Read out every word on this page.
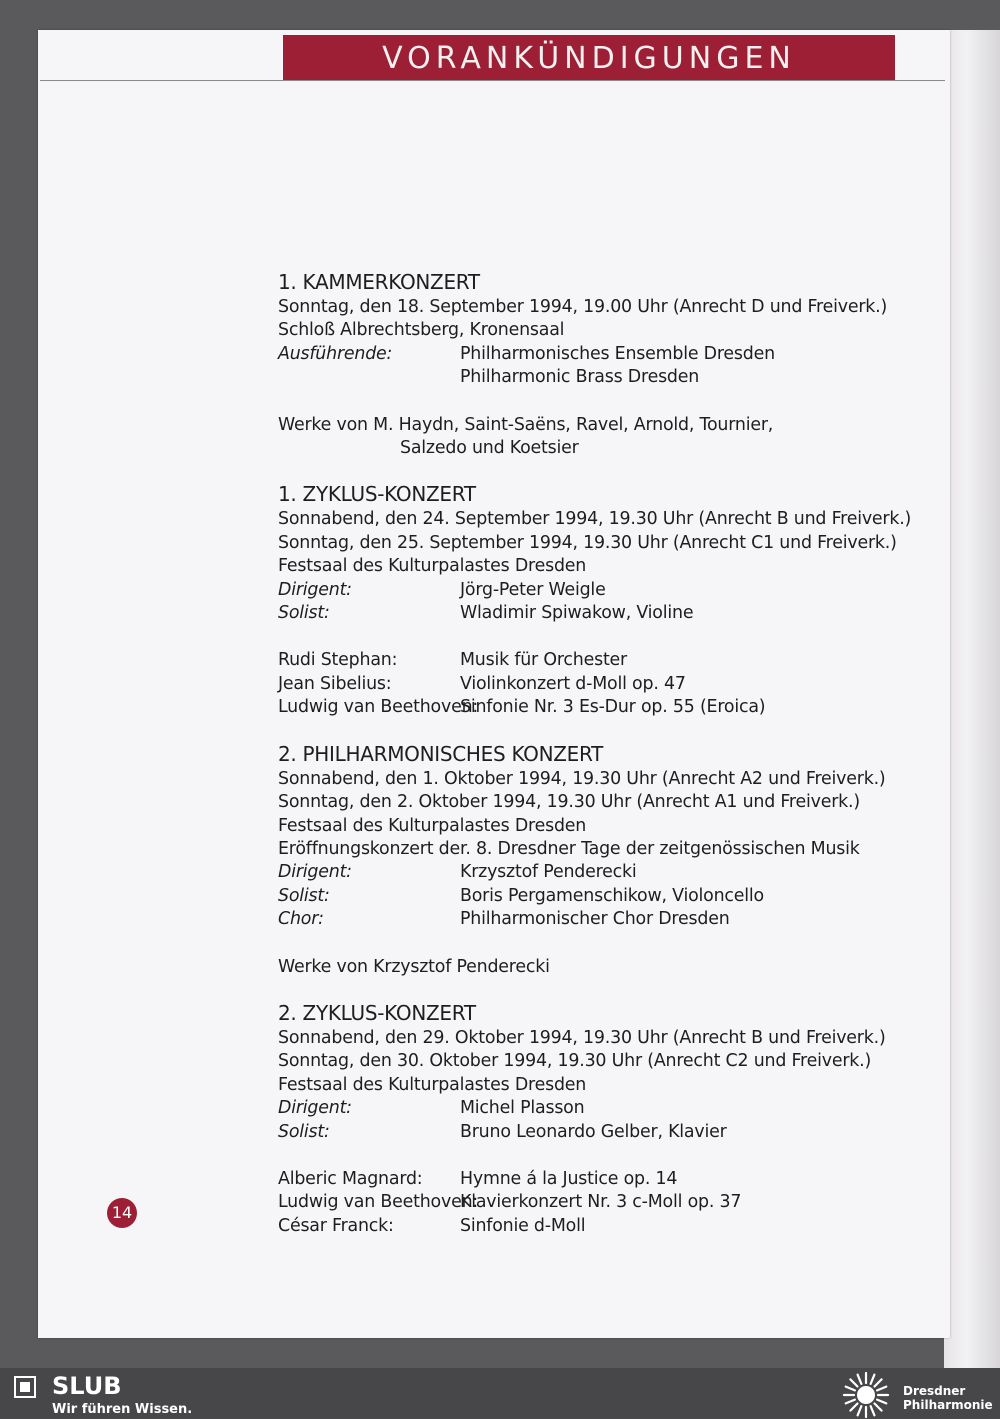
VORANKÜNDIGUNGEN
1. KAMMERKONZERT
Sonntag, den 18. September 1994, 19.00 Uhr (Anrecht D und Freiverk.)
Schloß Albrechtsberg, Kronensaal
Ausführende:	Philharmonisches Ensemble Dresden
Philharmonic Brass Dresden
Werke von M. Haydn, Saint-Saëns, Ravel, Arnold, Tournier,
Salzedo und Koetsier
1. ZYKLUS-KONZERT
Sonnabend, den 24. September 1994, 19.30 Uhr (Anrecht B und Freiverk.)
Sonntag, den 25. September 1994, 19.30 Uhr (Anrecht C1 und Freiverk.)
Festsaal des Kulturpalastes Dresden
Dirigent:	Jörg-Peter Weigle
Solist:	Wladimir Spiwakow, Violine
Rudi Stephan:	Musik für Orchester
Jean Sibelius:	Violinkonzert d-Moll op. 47
Ludwig van Beethoven:
Sinfonie Nr. 3 Es-Dur op. 55 (Eroica)
2. PHILHARMONISCHES KONZERT
Sonnabend, den 1. Oktober 1994, 19.30 Uhr (Anrecht A2 und Freiverk.)
Sonntag, den 2. Oktober 1994, 19.30 Uhr (Anrecht A1 und Freiverk.)
Festsaal des Kulturpalastes Dresden
Eröffnungskonzert der. 8. Dresdner Tage der zeitgenössischen Musik
Dirigent:	Krzysztof Penderecki
Solist:	Boris Pergamenschikow, Violoncello
Chor:	Philharmonischer Chor Dresden
Werke von Krzysztof Penderecki
2. ZYKLUS-KONZERT
Sonnabend, den 29. Oktober 1994, 19.30 Uhr (Anrecht B und Freiverk.)
Sonntag, den 30. Oktober 1994, 19.30 Uhr (Anrecht C2 und Freiverk.)
Festsaal des Kulturpalastes Dresden
Dirigent:	Michel Plasson
Solist:	Bruno Leonardo Gelber, Klavier
Alberic Magnard:	Hymne á la Justice op. 14
Ludwig van Beethoven:
Klavierkonzert Nr. 3 c-Moll op. 37
César Franck:	Sinfonie d-Moll
14
SLUB
Wir führen Wissen.
Dresdner
Philharmonie
